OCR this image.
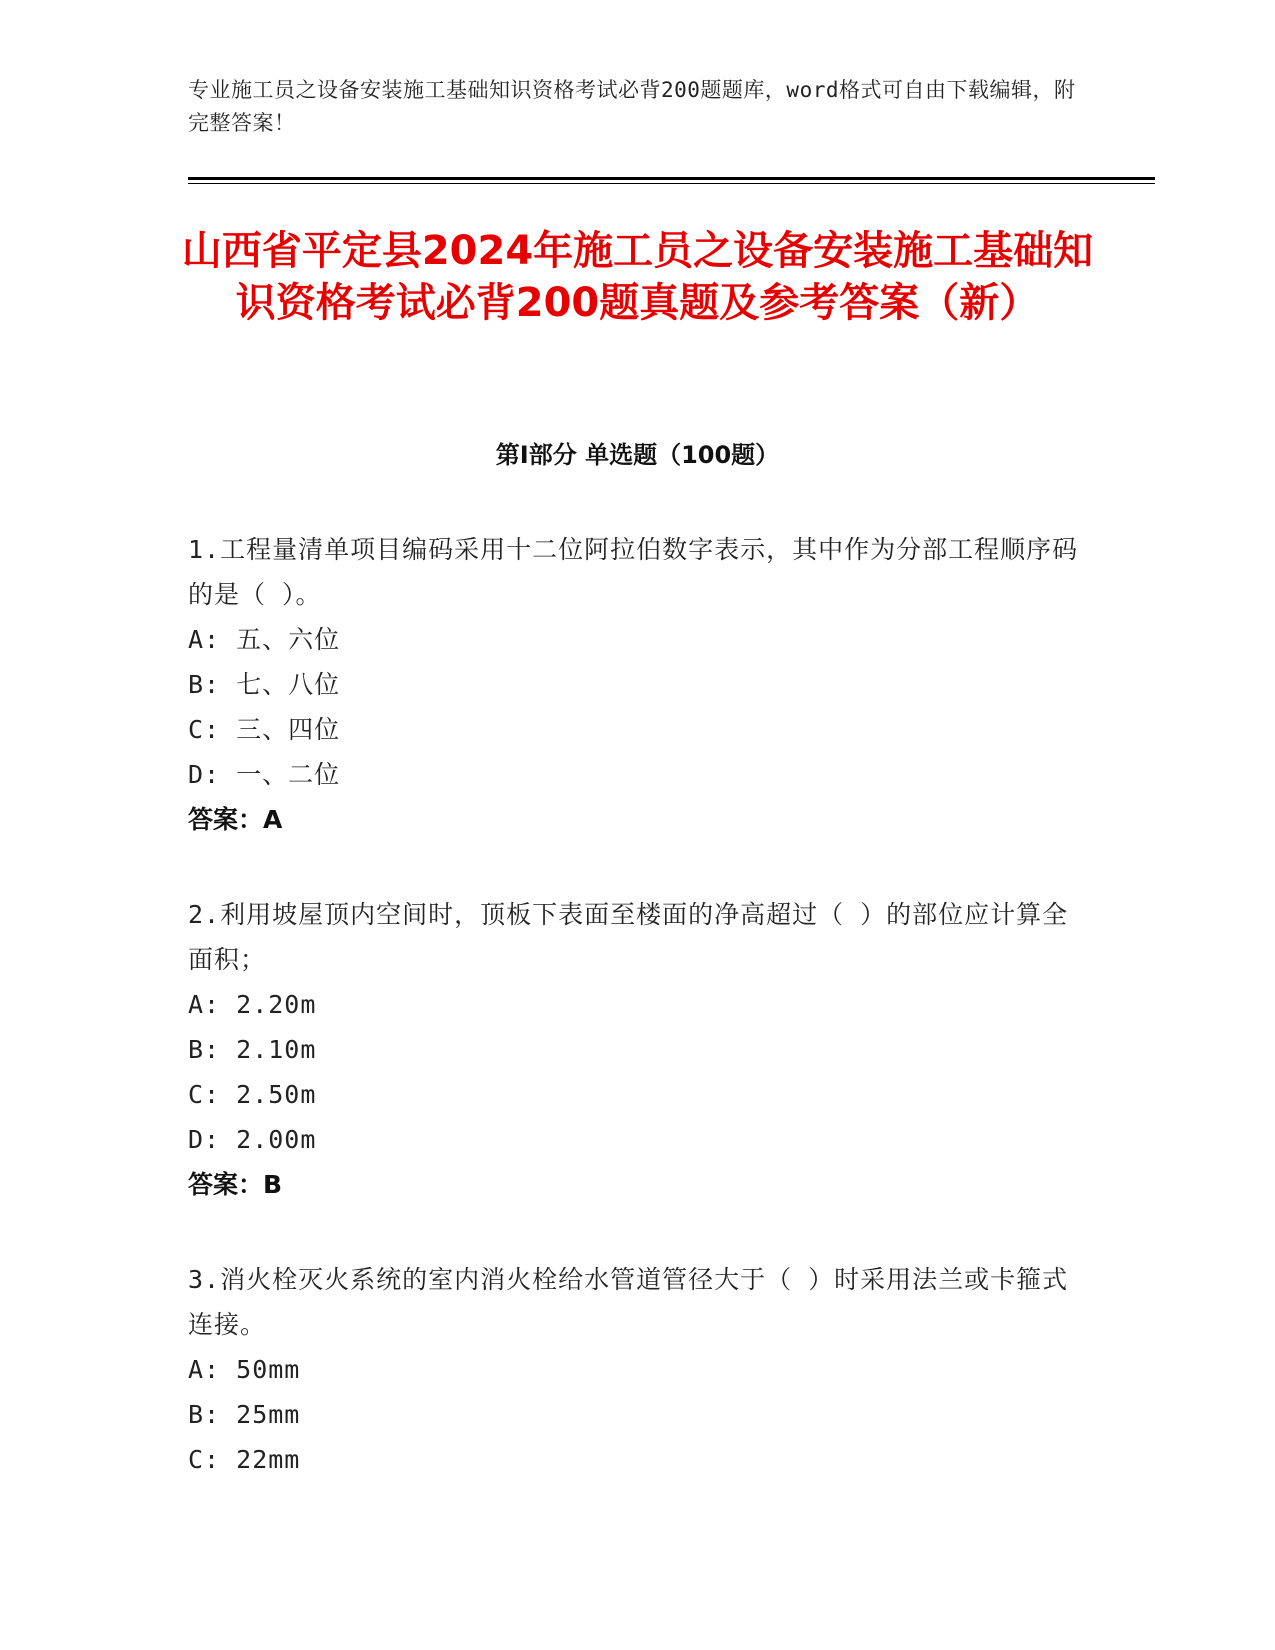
专业施工员之设备安装施工基础知识资格考试必背200题题库，word格式可自由下载编辑，附完整答案！
山西省平定县2024年施工员之设备安装施工基础知识资格考试必背200题真题及参考答案（新）
第I部分 单选题（100题）
1.工程量清单项目编码采用十二位阿拉伯数字表示，其中作为分部工程顺序码的是（ ）。
A: 五、六位
B: 七、八位
C: 三、四位
D: 一、二位
答案：A
2.利用坡屋顶内空间时，顶板下表面至楼面的净高超过（ ）的部位应计算全面积；
A: 2.20m
B: 2.10m
C: 2.50m
D: 2.00m
答案：B
3.消火栓灭火系统的室内消火栓给水管道管径大于（ ）时采用法兰或卡箍式连接。
A: 50mm
B: 25mm
C: 22mm
